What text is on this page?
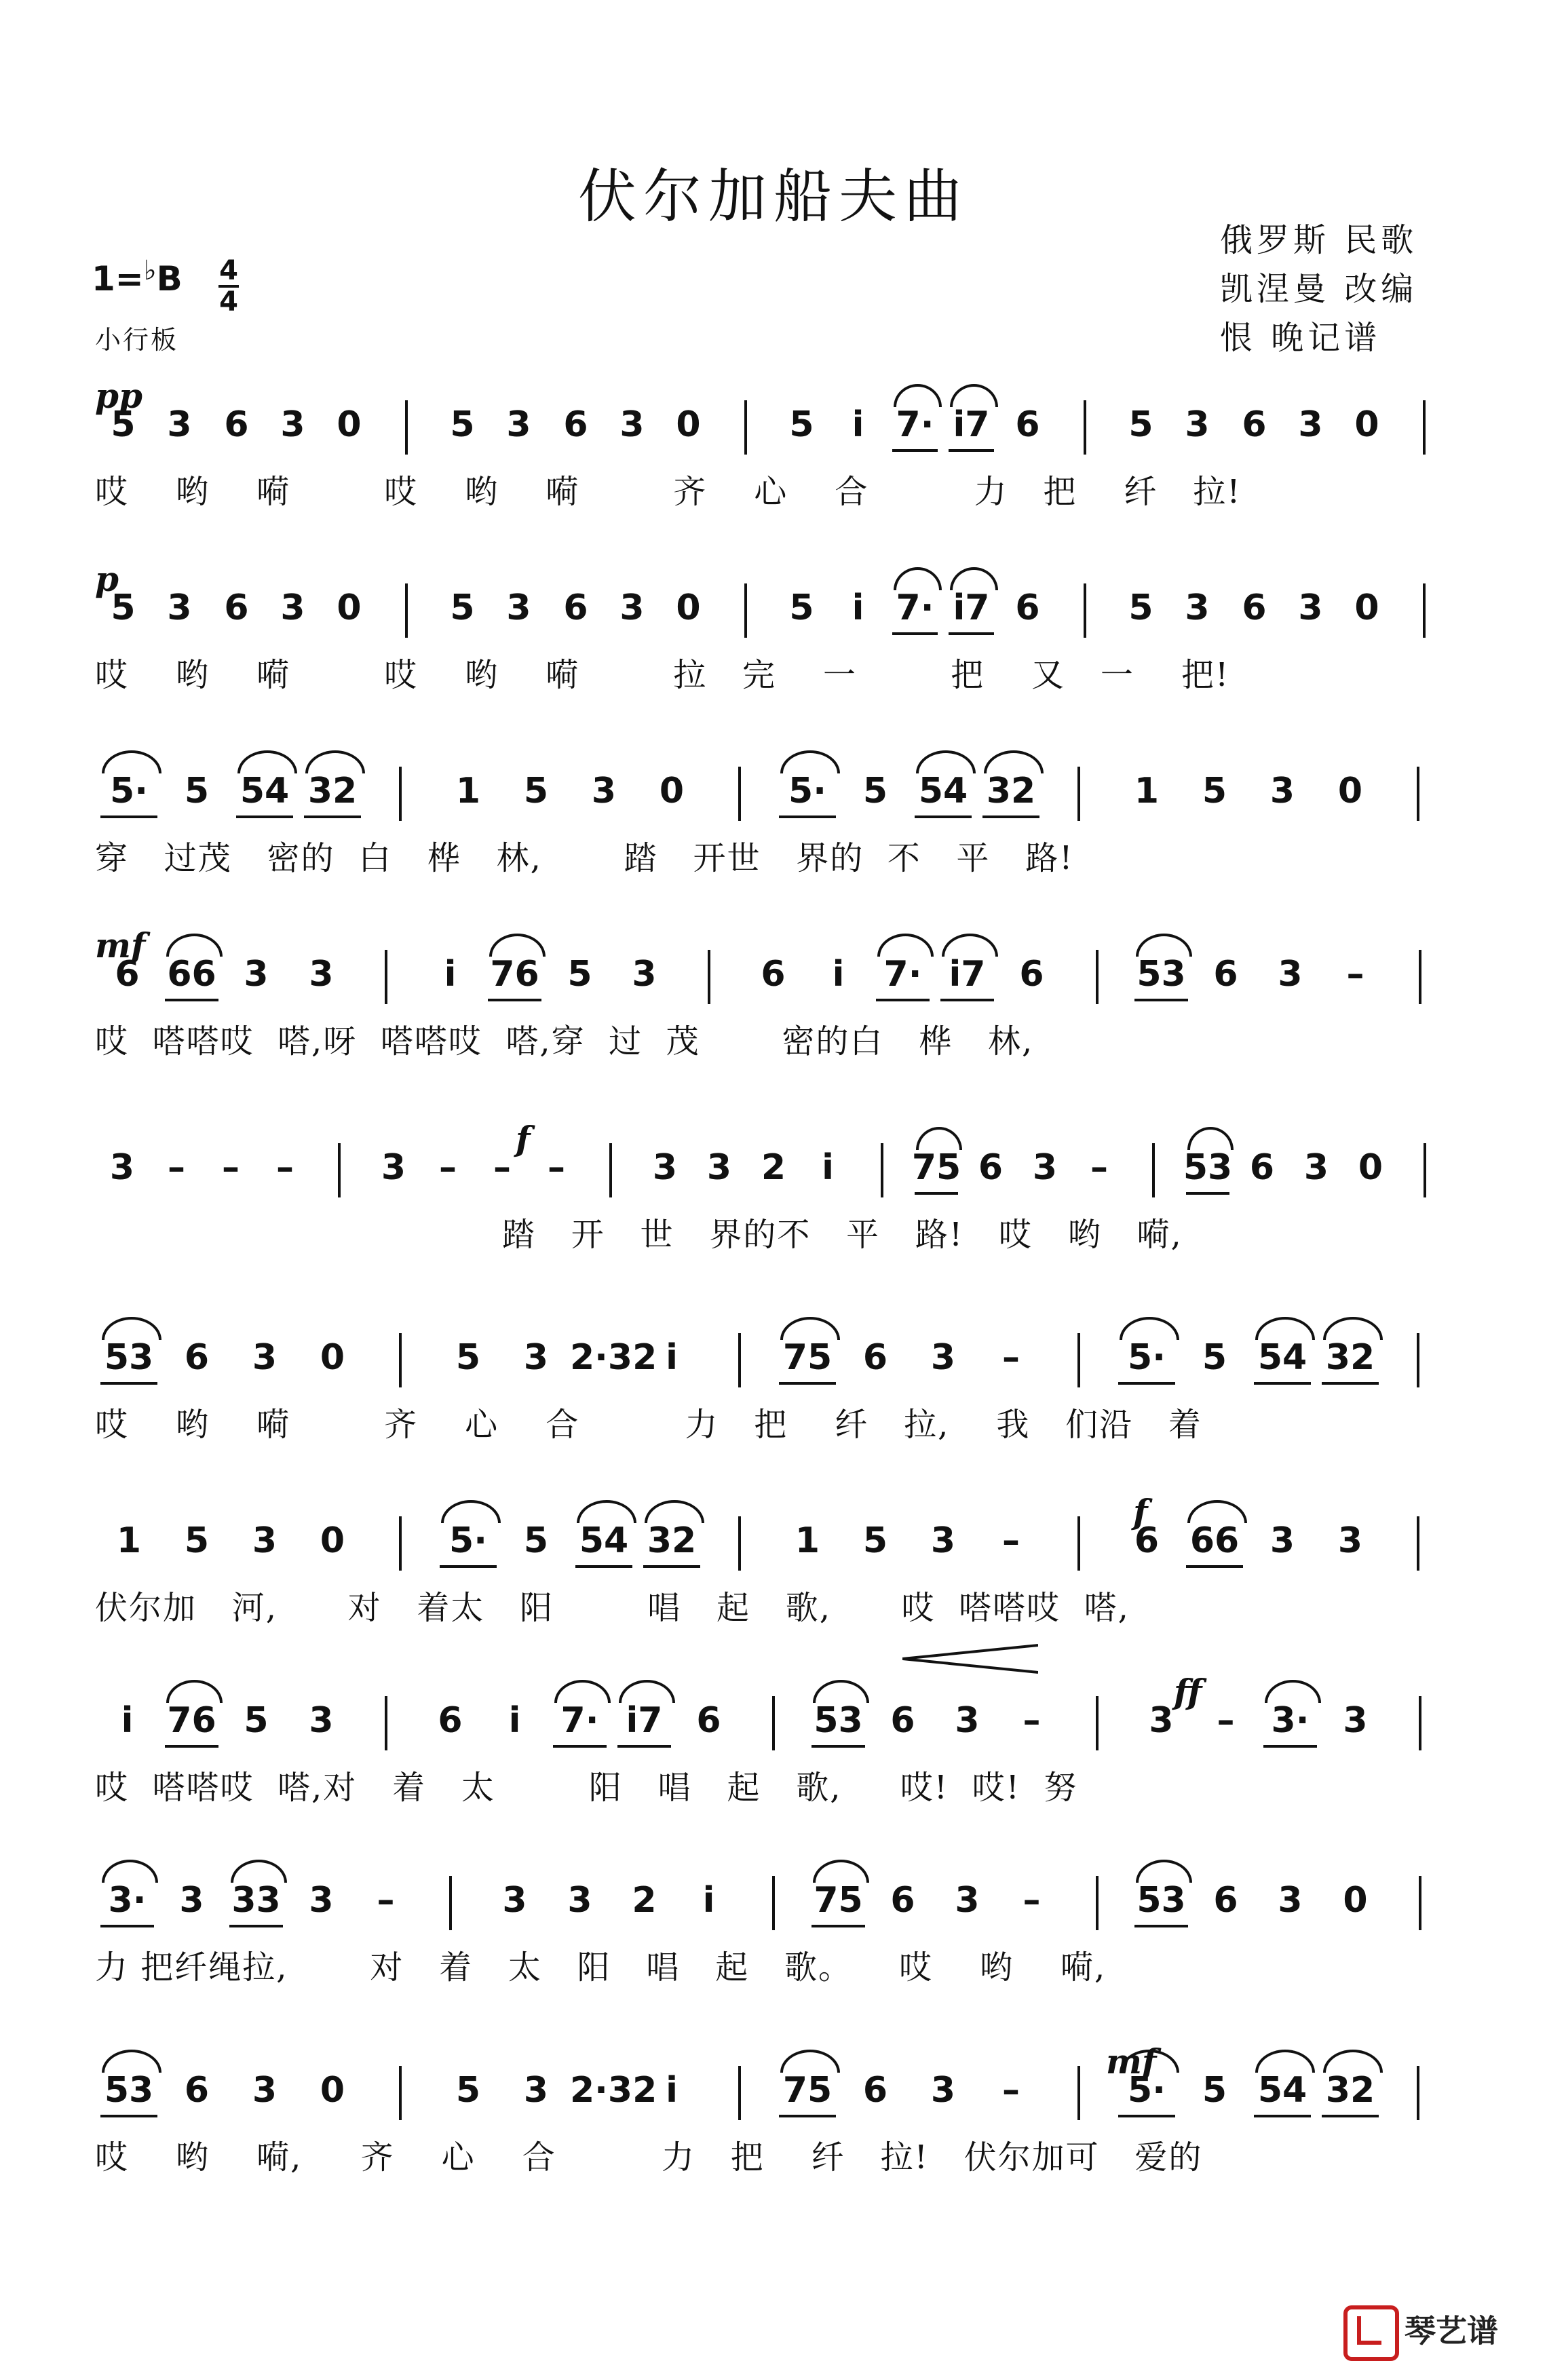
伏尔加船夫曲
俄罗斯 民歌
凯涅曼 改编
恨 晚记谱
1=♭B 4
4
小行板
pp
5 3 6 3 0	5 3 6 3 0	5	i 7· i7 6	5 3 6 3 0
哎    哟    嗬        哎    哟    嗬        齐    心    合         力   把    纤   拉!
p
5 3 6 3 0	5 3 6 3 0	5	i 7· i7 6	5 3 6 3 0
哎    哟    嗬        哎    哟    嗬        拉   完    一        把    又   一    把!
5·	5 54 32	1	5	3	0	5·	5 54 32	1	5	3	0
穿   过茂   密的  白   桦   林,       踏   开世   界的  不   平   路!
mf
6 66 3	3	i 76 5	3	6	i	7· i7 6	53 6	3	–
哎  嗒嗒哎  嗒,呀  嗒嗒哎  嗒,穿  过  茂       密的白   桦   林,
f
3 –	–	–	3 –	–	–	3 3 2	i	75 6 3 –	53 6 3 0
踏   开   世   界的不   平   路!   哎   哟   嗬,
53 6	3	0	5	3 2·32 i	75 6	3	–	5·	5 54 32
哎    哟    嗬        齐    心    合         力   把    纤   拉,    我   们沿   着
f
1	5	3	0	5·	5 54 32	1	5	3	–	6 66 3	3
伏尔加   河,      对   着太   阳        唱   起   歌,      哎  嗒嗒哎  嗒,
ff
i 76 5	3	6	i	7· i7 6	53 6	3	–	3	–	3· 3
哎  嗒嗒哎  嗒,对   着   太        阳   唱   起   歌,     哎!  哎!  努
3· 3 33 3	–	3	3	2	i	75 6	3	–	53 6	3	0
力 把纤绳拉,       对   着   太   阳   唱   起   歌。    哎    哟    嗬,
mf
53 6	3	0	5	3 2·32 i	75 6	3	–	5·	5 54 32
哎    哟    嗬,     齐    心    合         力   把    纤   拉!   伏尔加可   爱的
琴艺谱
